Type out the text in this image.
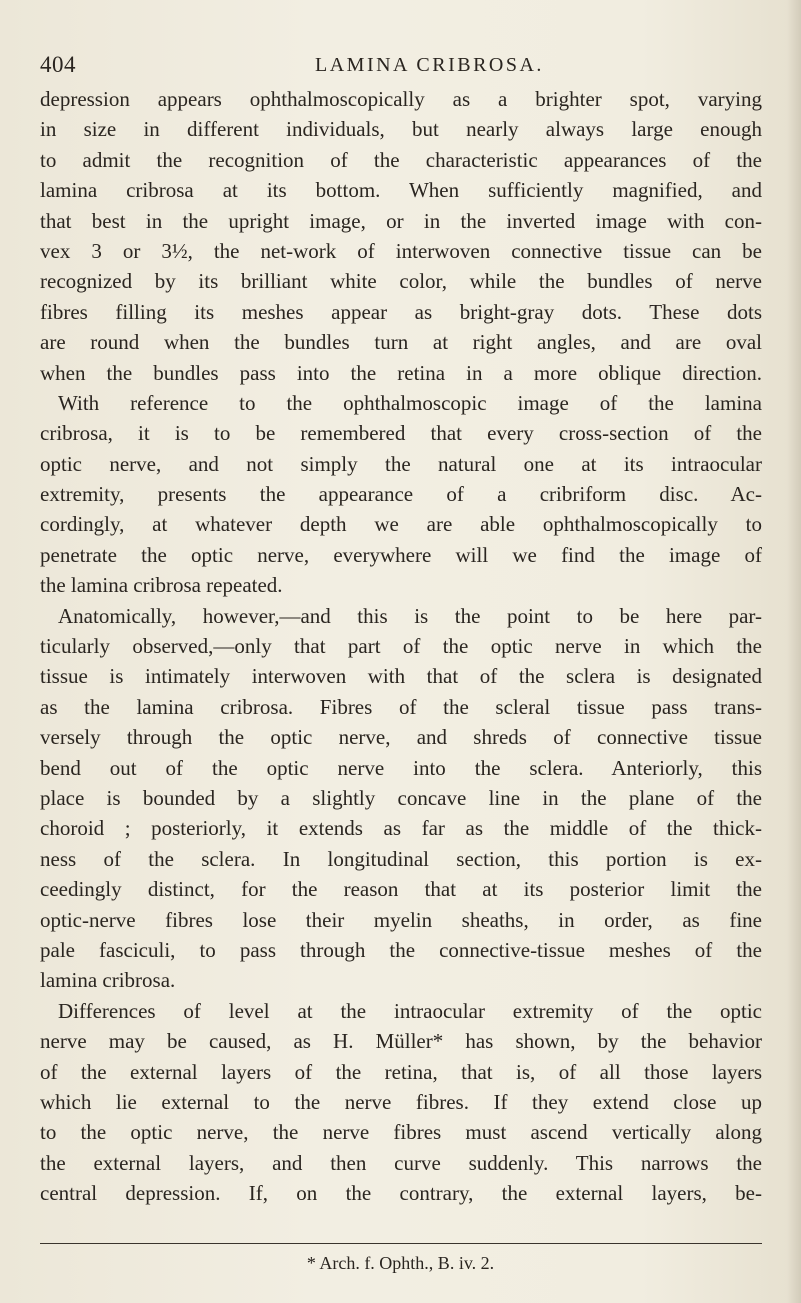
404	LAMINA CRIBROSA.
depression appears ophthalmoscopically as a brighter spot, varying
in size in different individuals, but nearly always large enough
to admit the recognition of the characteristic appearances of the
lamina cribrosa at its bottom. When sufficiently magnified, and
that best in the upright image, or in the inverted image with con-
vex 3 or 3½, the net-work of interwoven connective tissue can be
recognized by its brilliant white color, while the bundles of nerve
fibres filling its meshes appear as bright-gray dots. These dots
are round when the bundles turn at right angles, and are oval
when the bundles pass into the retina in a more oblique direction.
With reference to the ophthalmoscopic image of the lamina
cribrosa, it is to be remembered that every cross-section of the
optic nerve, and not simply the natural one at its intraocular
extremity, presents the appearance of a cribriform disc. Ac-
cordingly, at whatever depth we are able ophthalmoscopically to
penetrate the optic nerve, everywhere will we find the image of
the lamina cribrosa repeated.
Anatomically, however,—and this is the point to be here par-
ticularly observed,—only that part of the optic nerve in which the
tissue is intimately interwoven with that of the sclera is designated
as the lamina cribrosa. Fibres of the scleral tissue pass trans-
versely through the optic nerve, and shreds of connective tissue
bend out of the optic nerve into the sclera. Anteriorly, this
place is bounded by a slightly concave line in the plane of the
choroid ; posteriorly, it extends as far as the middle of the thick-
ness of the sclera. In longitudinal section, this portion is ex-
ceedingly distinct, for the reason that at its posterior limit the
optic-nerve fibres lose their myelin sheaths, in order, as fine
pale fasciculi, to pass through the connective-tissue meshes of the
lamina cribrosa.
Differences of level at the intraocular extremity of the optic
nerve may be caused, as H. Müller* has shown, by the behavior
of the external layers of the retina, that is, of all those layers
which lie external to the nerve fibres. If they extend close up
to the optic nerve, the nerve fibres must ascend vertically along
the external layers, and then curve suddenly. This narrows the
central depression. If, on the contrary, the external layers, be-
* Arch. f. Ophth., B. iv. 2.
